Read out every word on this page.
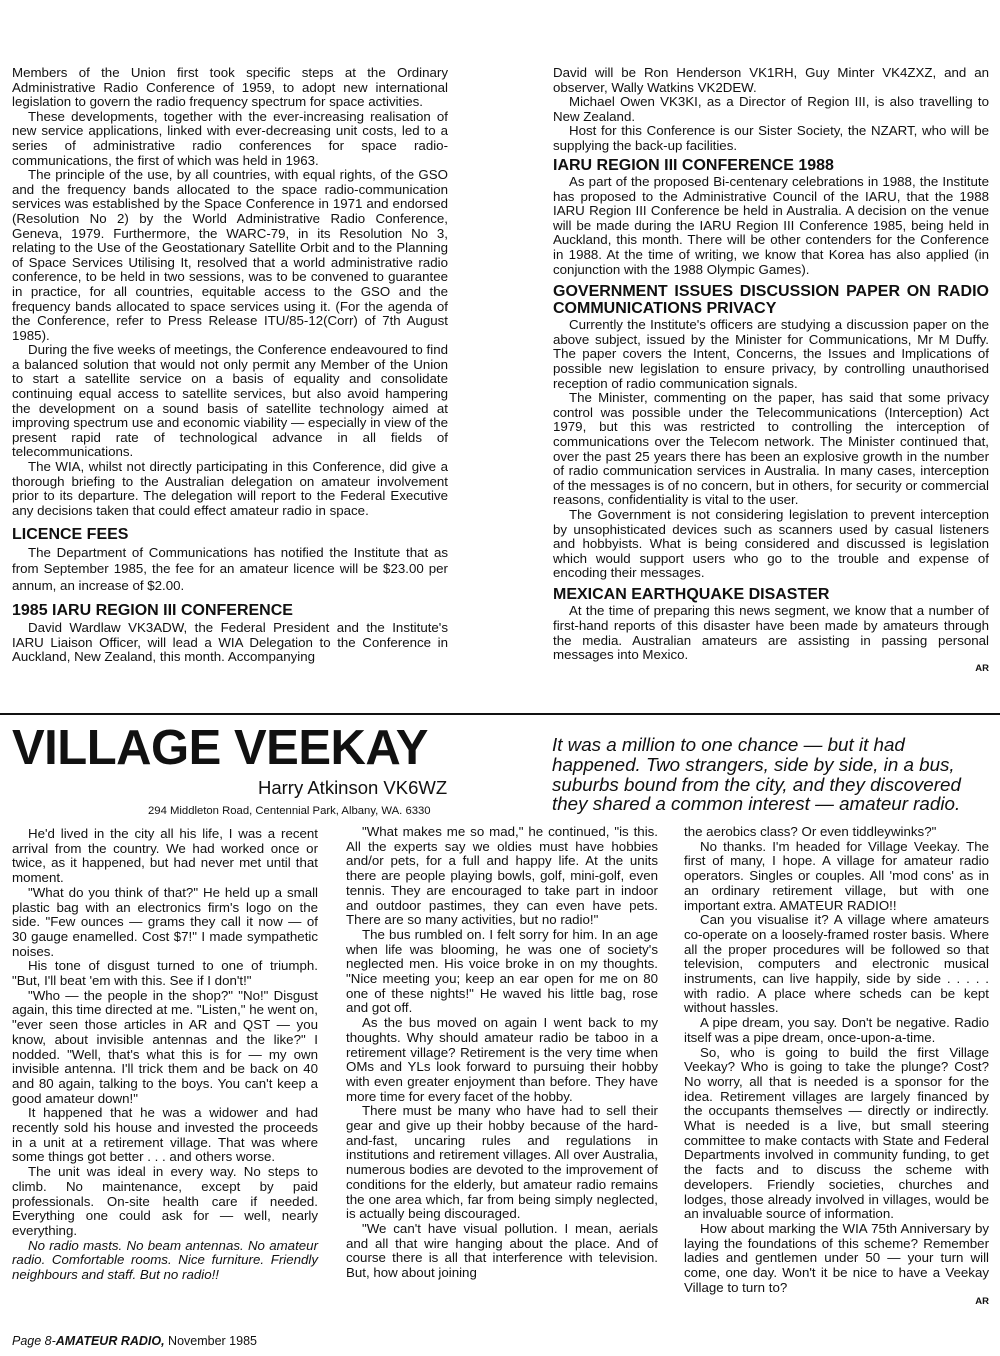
Members of the Union first took specific steps at the Ordinary Administrative Radio Conference of 1959, to adopt new international legislation to govern the radio frequency spectrum for space activities.

These developments, together with the ever-increasing realisation of new service applications, linked with ever-decreasing unit costs, led to a series of administrative radio conferences for space radio-communications, the first of which was held in 1963.

The principle of the use, by all countries, with equal rights, of the GSO and the frequency bands allocated to the space radio-communication services was established by the Space Conference in 1971 and endorsed (Resolution No 2) by the World Administrative Radio Conference, Geneva, 1979. Furthermore, the WARC-79, in its Resolution No 3, relating to the Use of the Geostationary Satellite Orbit and to the Planning of Space Services Utilising It, resolved that a world administrative radio conference, to be held in two sessions, was to be convened to guarantee in practice, for all countries, equitable access to the GSO and the frequency bands allocated to space services using it. (For the agenda of the Conference, refer to Press Release ITU/85-12(Corr) of 7th August 1985).

During the five weeks of meetings, the Conference endeavoured to find a balanced solution that would not only permit any Member of the Union to start a satellite service on a basis of equality and consolidate continuing equal access to satellite services, but also avoid hampering the development on a sound basis of satellite technology aimed at improving spectrum use and economic viability — especially in view of the present rapid rate of technological advance in all fields of telecommunications.

The WIA, whilst not directly participating in this Conference, did give a thorough briefing to the Australian delegation on amateur involvement prior to its departure. The delegation will report to the Federal Executive any decisions taken that could effect amateur radio in space.

LICENCE FEES

The Department of Communications has notified the Institute that as from September 1985, the fee for an amateur licence will be $23.00 per annum, an increase of $2.00.

1985 IARU REGION III CONFERENCE

David Wardlaw VK3ADW, the Federal President and the Institute's IARU Liaison Officer, will lead a WIA Delegation to the Conference in Auckland, New Zealand, this month. Accompanying

David will be Ron Henderson VK1RH, Guy Minter VK4ZXZ, and an observer, Wally Watkins VK2DEW.

Michael Owen VK3KI, as a Director of Region III, is also travelling to New Zealand.

Host for this Conference is our Sister Society, the NZART, who will be supplying the back-up facilities.

IARU REGION III CONFERENCE 1988

As part of the proposed Bi-centenary celebrations in 1988, the Institute has proposed to the Administrative Council of the IARU, that the 1988 IARU Region III Conference be held in Australia. A decision on the venue will be made during the IARU Region III Conference 1985, being held in Auckland, this month. There will be other contenders for the Conference in 1988. At the time of writing, we know that Korea has also applied (in conjunction with the 1988 Olympic Games).

GOVERNMENT ISSUES DISCUSSION PAPER ON RADIO COMMUNICATIONS PRIVACY

Currently the Institute's officers are studying a discussion paper on the above subject, issued by the Minister for Communications, Mr M Duffy. The paper covers the Intent, Concerns, the Issues and Implications of possible new legislation to ensure privacy, by controlling unauthorised reception of radio communication signals.

The Minister, commenting on the paper, has said that some privacy control was possible under the Telecommunications (Interception) Act 1979, but this was restricted to controlling the interception of communications over the Telecom network. The Minister continued that, over the past 25 years there has been an explosive growth in the number of radio communication services in Australia. In many cases, interception of the messages is of no concern, but in others, for security or commercial reasons, confidentiality is vital to the user.

The Government is not considering legislation to prevent interception by unsophisticated devices such as scanners used by casual listeners and hobbyists. What is being considered and discussed is legislation which would support users who go to the trouble and expense of encoding their messages.

MEXICAN EARTHQUAKE DISASTER

At the time of preparing this news segment, we know that a number of first-hand reports of this disaster have been made by amateurs through the media. Australian amateurs are assisting in passing personal messages into Mexico.

AR
VILLAGE VEEKAY
Harry Atkinson VK6WZ
294 Middleton Road, Centennial Park, Albany, WA. 6330
It was a million to one chance — but it had happened. Two strangers, side by side, in a bus, suburbs bound from the city, and they discovered they shared a common interest — amateur radio.

He'd lived in the city all his life, I was a recent arrival from the country. We had worked once or twice, as it happened, but had never met until that moment.

"What do you think of that?" He held up a small plastic bag with an electronics firm's logo on the side. "Few ounces — grams they call it now — of 30 gauge enamelled. Cost $7!" I made sympathetic noises.

His tone of disgust turned to one of triumph. "But, I'll beat 'em with this. See if I don't!"

"Who — the people in the shop?" "No!" Disgust again, this time directed at me. "Listen," he went on, "ever seen those articles in AR and QST — you know, about invisible antennas and the like?" I nodded. "Well, that's what this is for — my own invisible antenna. I'll trick them and be back on 40 and 80 again, talking to the boys. You can't keep a good amateur down!"

It happened that he was a widower and had recently sold his house and invested the proceeds in a unit at a retirement village. That was where some things got better . . . and others worse.

The unit was ideal in every way. No steps to climb. No maintenance, except by paid professionals. On-site health care if needed. Everything one could ask for — well, nearly everything.

No radio masts. No beam antennas. No amateur radio. Comfortable rooms. Nice furniture. Friendly neighbours and staff. But no radio!!

"What makes me so mad," he continued, "is this. All the experts say we oldies must have hobbies and/or pets, for a full and happy life. At the units there are people playing bowls, golf, mini-golf, even tennis. They are encouraged to take part in indoor and outdoor pastimes, they can even have pets. There are so many activities, but no radio!"

The bus rumbled on. I felt sorry for him. In an age when life was blooming, he was one of society's neglected men. His voice broke in on my thoughts. "Nice meeting you; keep an ear open for me on 80 one of these nights!" He waved his little bag, rose and got off.

As the bus moved on again I went back to my thoughts. Why should amateur radio be taboo in a retirement village? Retirement is the very time when OMs and YLs look forward to pursuing their hobby with even greater enjoyment than before. They have more time for every facet of the hobby.

There must be many who have had to sell their gear and give up their hobby because of the hard-and-fast, uncaring rules and regulations in institutions and retirement villages. All over Australia, numerous bodies are devoted to the improvement of conditions for the elderly, but amateur radio remains the one area which, far from being simply neglected, is actually being discouraged.

"We can't have visual pollution. I mean, aerials and all that wire hanging about the place. And of course there is all that interference with television. But, how about joining

the aerobics class? Or even tiddleywinks?"

No thanks. I'm headed for Village Veekay. The first of many, I hope. A village for amateur radio operators. Singles or couples. All 'mod cons' as in an ordinary retirement village, but with one important extra. AMATEUR RADIO!!

Can you visualise it? A village where amateurs co-operate on a loosely-framed roster basis. Where all the proper procedures will be followed so that television, computers and electronic musical instruments, can live happily, side by side . . . . . with radio. A place where scheds can be kept without hassles.

A pipe dream, you say. Don't be negative. Radio itself was a pipe dream, once-upon-a-time.

So, who is going to build the first Village Veekay? Who is going to take the plunge? Cost? No worry, all that is needed is a sponsor for the idea. Retirement villages are largely financed by the occupants themselves — directly or indirectly. What is needed is a live, but small steering committee to make contacts with State and Federal Departments involved in community funding, to get the facts and to discuss the scheme with developers. Friendly societies, churches and lodges, those already involved in villages, would be an invaluable source of information.

How about marking the WIA 75th Anniversary by laying the foundations of this scheme? Remember ladies and gentlemen under 50 — your turn will come, one day. Won't it be nice to have a Veekay Village to turn to?

AR
Page 8-AMATEUR RADIO, November 1985
